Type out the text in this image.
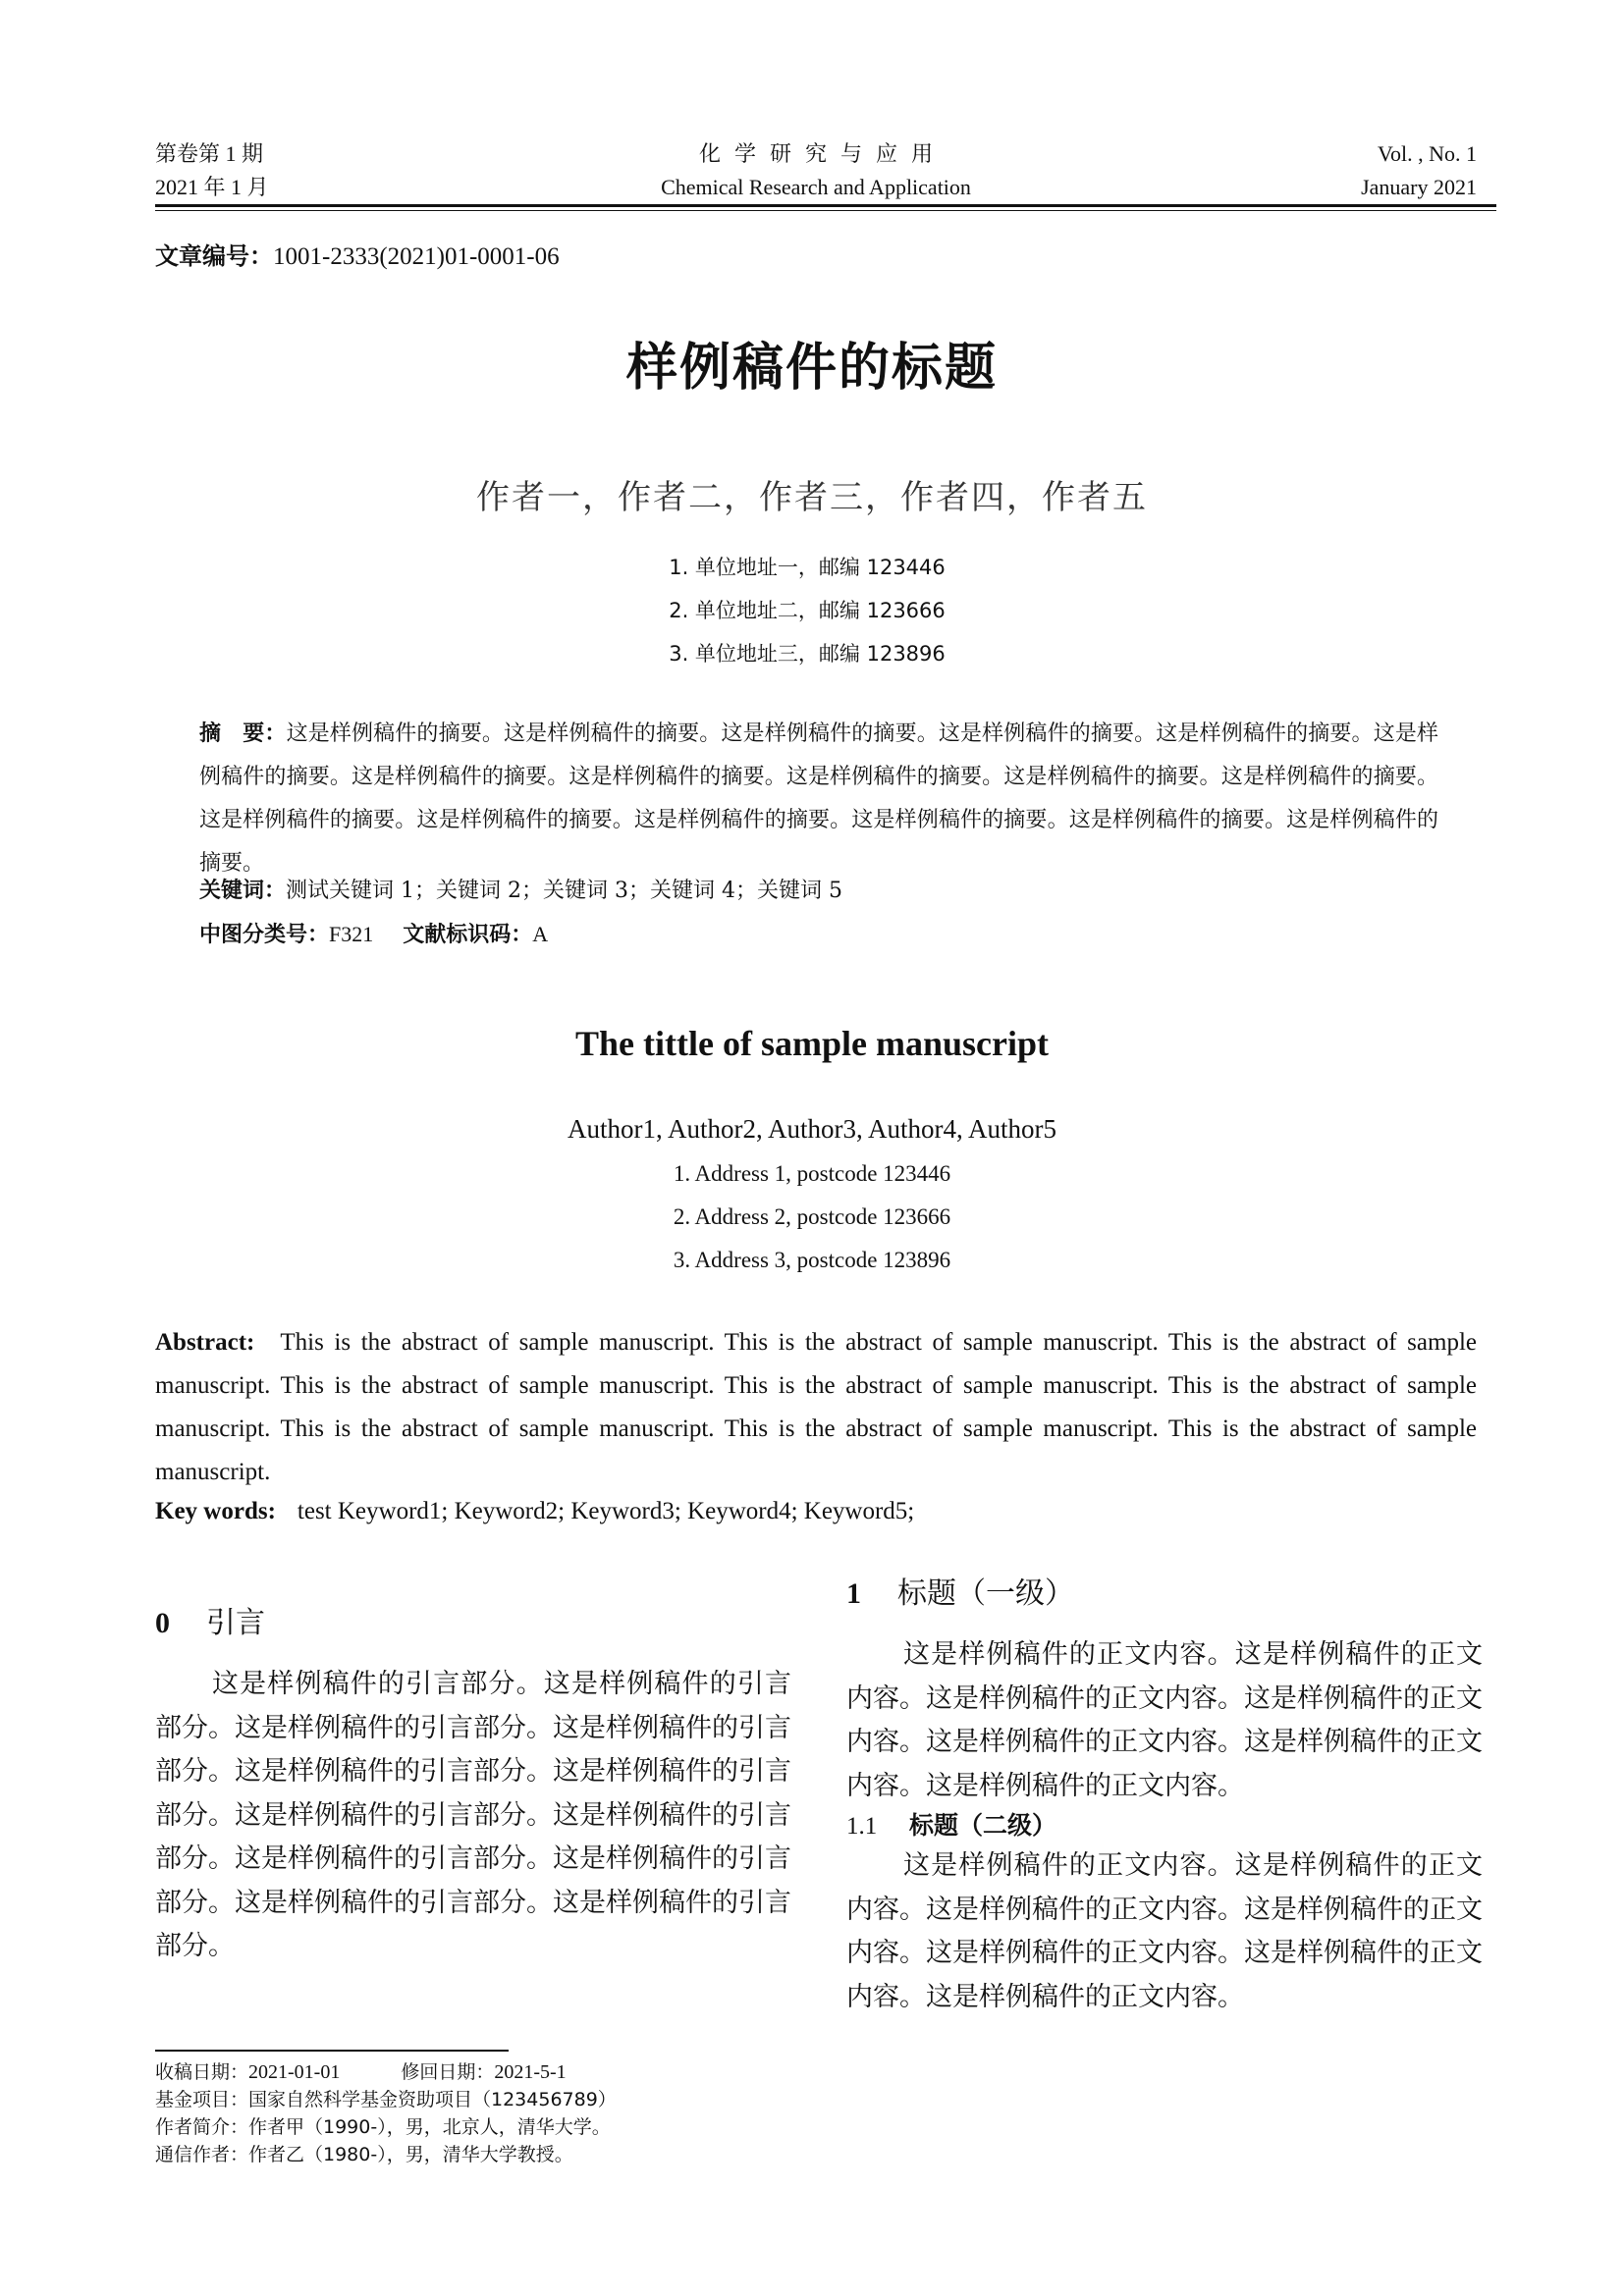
第卷第 1 期
2021 年 1 月
化学研究与应用
Chemical Research and Application
Vol. , No. 1
January 2021
文章编号：1001-2333(2021)01-0001-06
样例稿件的标题
作者一，作者二，作者三，作者四，作者五
1. 单位地址一，邮编 123446
2. 单位地址二，邮编 123666
3. 单位地址三，邮编 123896
摘　要：这是样例稿件的摘要。这是样例稿件的摘要。这是样例稿件的摘要。这是样例稿件的摘要。这是样例稿件的摘要。这是样例稿件的摘要。这是样例稿件的摘要。这是样例稿件的摘要。这是样例稿件的摘要。这是样例稿件的摘要。这是样例稿件的摘要。这是样例稿件的摘要。这是样例稿件的摘要。这是样例稿件的摘要。这是样例稿件的摘要。这是样例稿件的摘要。这是样例稿件的摘要。
关键词：测试关键词 1；关键词 2；关键词 3；关键词 4；关键词 5
中图分类号：F321 文献标识码：A
The tittle of sample manuscript
Author1, Author2, Author3, Author4, Author5
1. Address 1, postcode 123446
2. Address 2, postcode 123666
3. Address 3, postcode 123896
Abstract: This is the abstract of sample manuscript. This is the abstract of sample manuscript. This is the abstract of sample manuscript. This is the abstract of sample manuscript. This is the abstract of sample manuscript. This is the abstract of sample manuscript. This is the abstract of sample manuscript. This is the abstract of sample manuscript. This is the abstract of sample manuscript.
Key words: test Keyword1; Keyword2; Keyword3; Keyword4; Keyword5;
0 引言

这是样例稿件的引言部分。这是样例稿件的引言部分。这是样例稿件的引言部分。这是样例稿件的引言部分。这是样例稿件的引言部分。这是样例稿件的引言部分。这是样例稿件的引言部分。这是样例稿件的引言部分。这是样例稿件的引言部分。这是样例稿件的引言部分。这是样例稿件的引言部分。这是样例稿件的引言部分。

1 标题（一级）

这是样例稿件的正文内容。这是样例稿件的正文内容。这是样例稿件的正文内容。这是样例稿件的正文内容。这是样例稿件的正文内容。这是样例稿件的正文内容。这是样例稿件的正文内容。

1.1 标题（二级）

这是样例稿件的正文内容。这是样例稿件的正文内容。这是样例稿件的正文内容。这是样例稿件的正文内容。这是样例稿件的正文内容。这是样例稿件的正文内容。这是样例稿件的正文内容。

收稿日期：2021-01-01	修回日期：2021-5-1
基金项目：国家自然科学基金资助项目（123456789）
作者简介：作者甲（1990-），男，北京人，清华大学。
通信作者：作者乙（1980-），男，清华大学教授。
